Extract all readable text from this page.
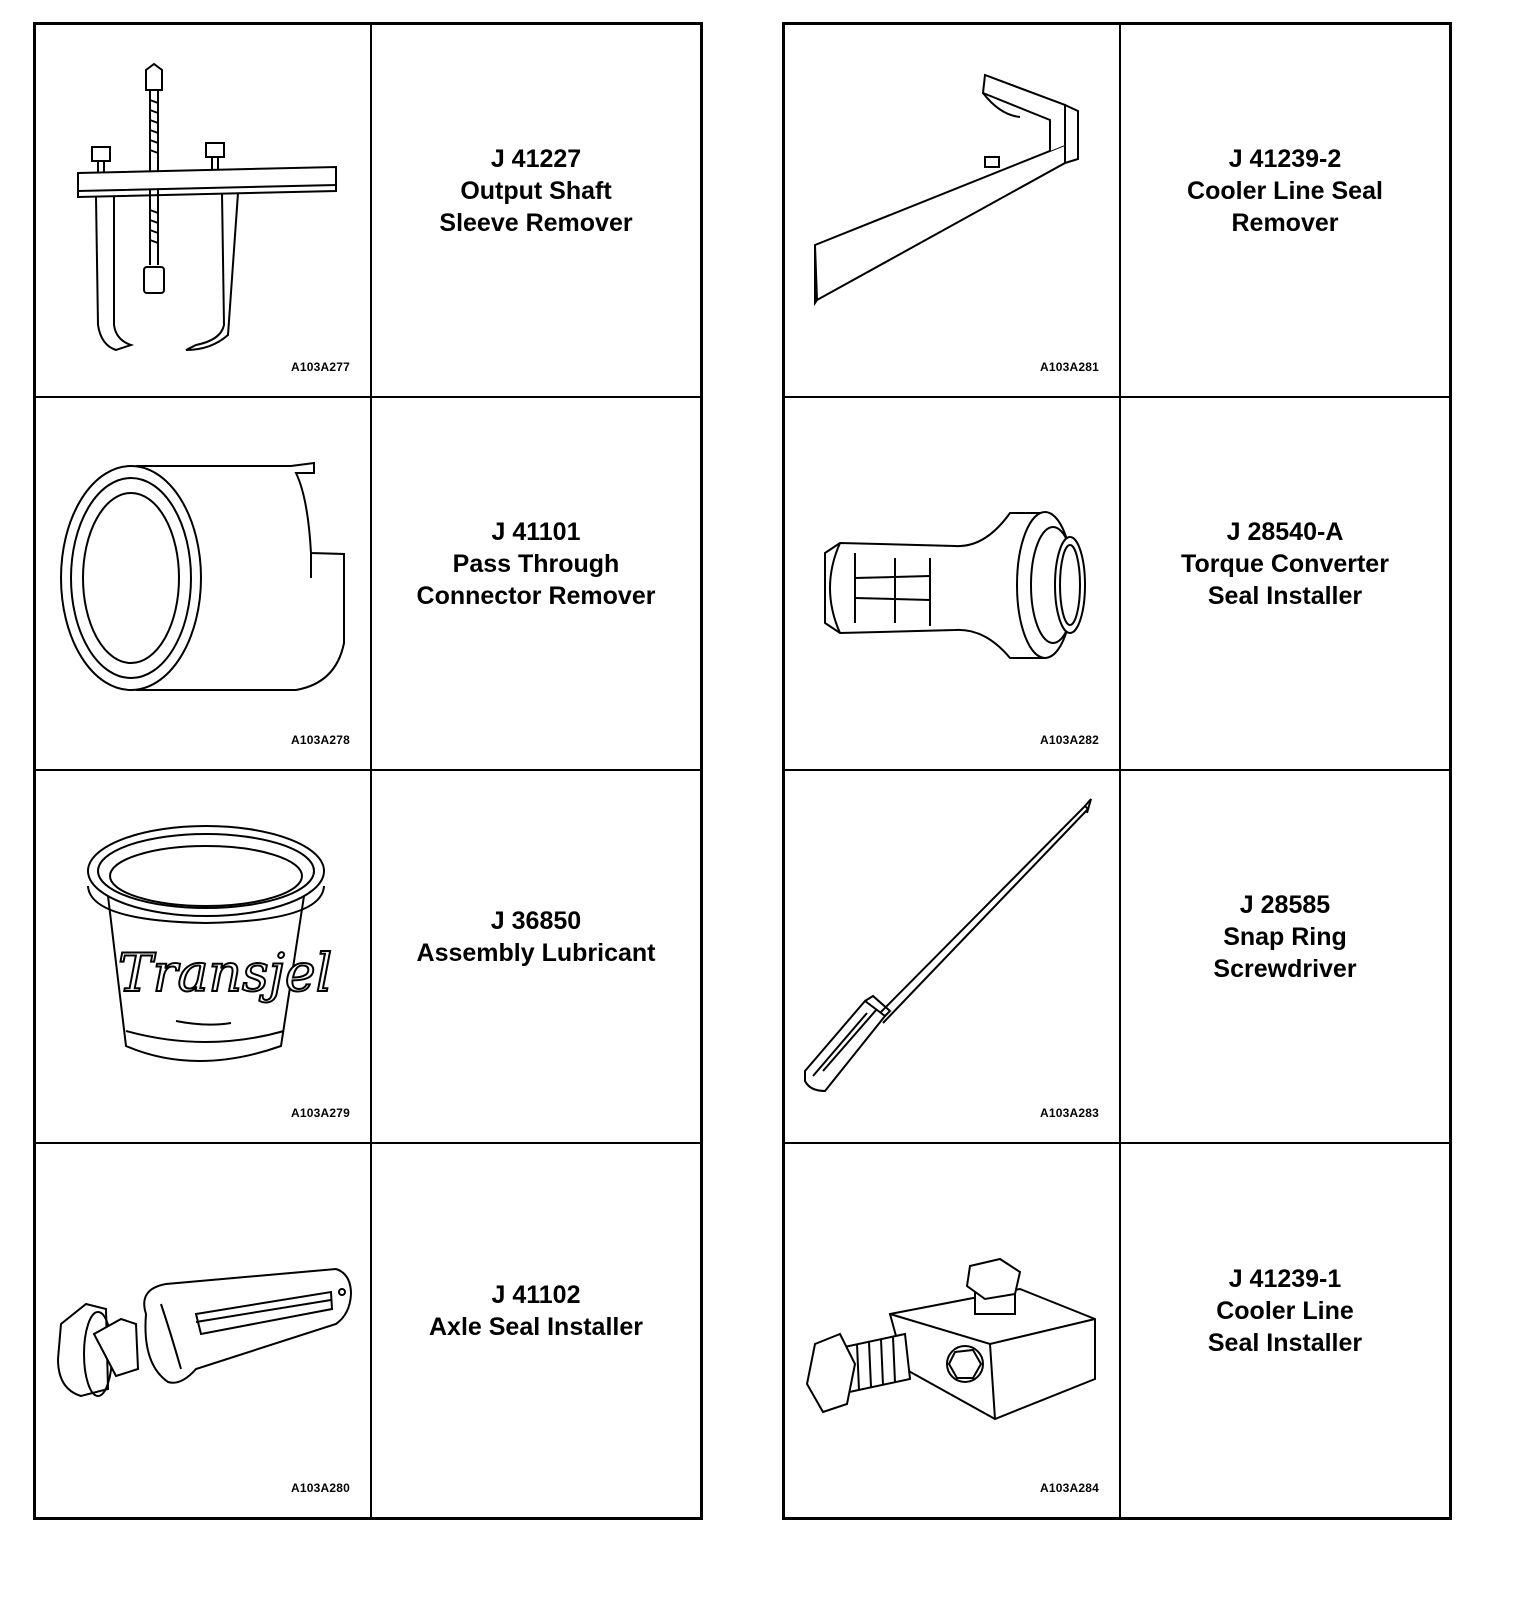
A103A277
J 41227
Output Shaft
Sleeve Remover
A103A278
J 41101
Pass Through
Connector Remover
Transjel
A103A279
J 36850
Assembly Lubricant
A103A280
J 41102
Axle Seal Installer
A103A281
J 41239-2
Cooler Line Seal
Remover
A103A282
J 28540-A
Torque Converter
Seal Installer
A103A283
J 28585
Snap Ring
Screwdriver
A103A284
J 41239-1
Cooler Line
Seal Installer
